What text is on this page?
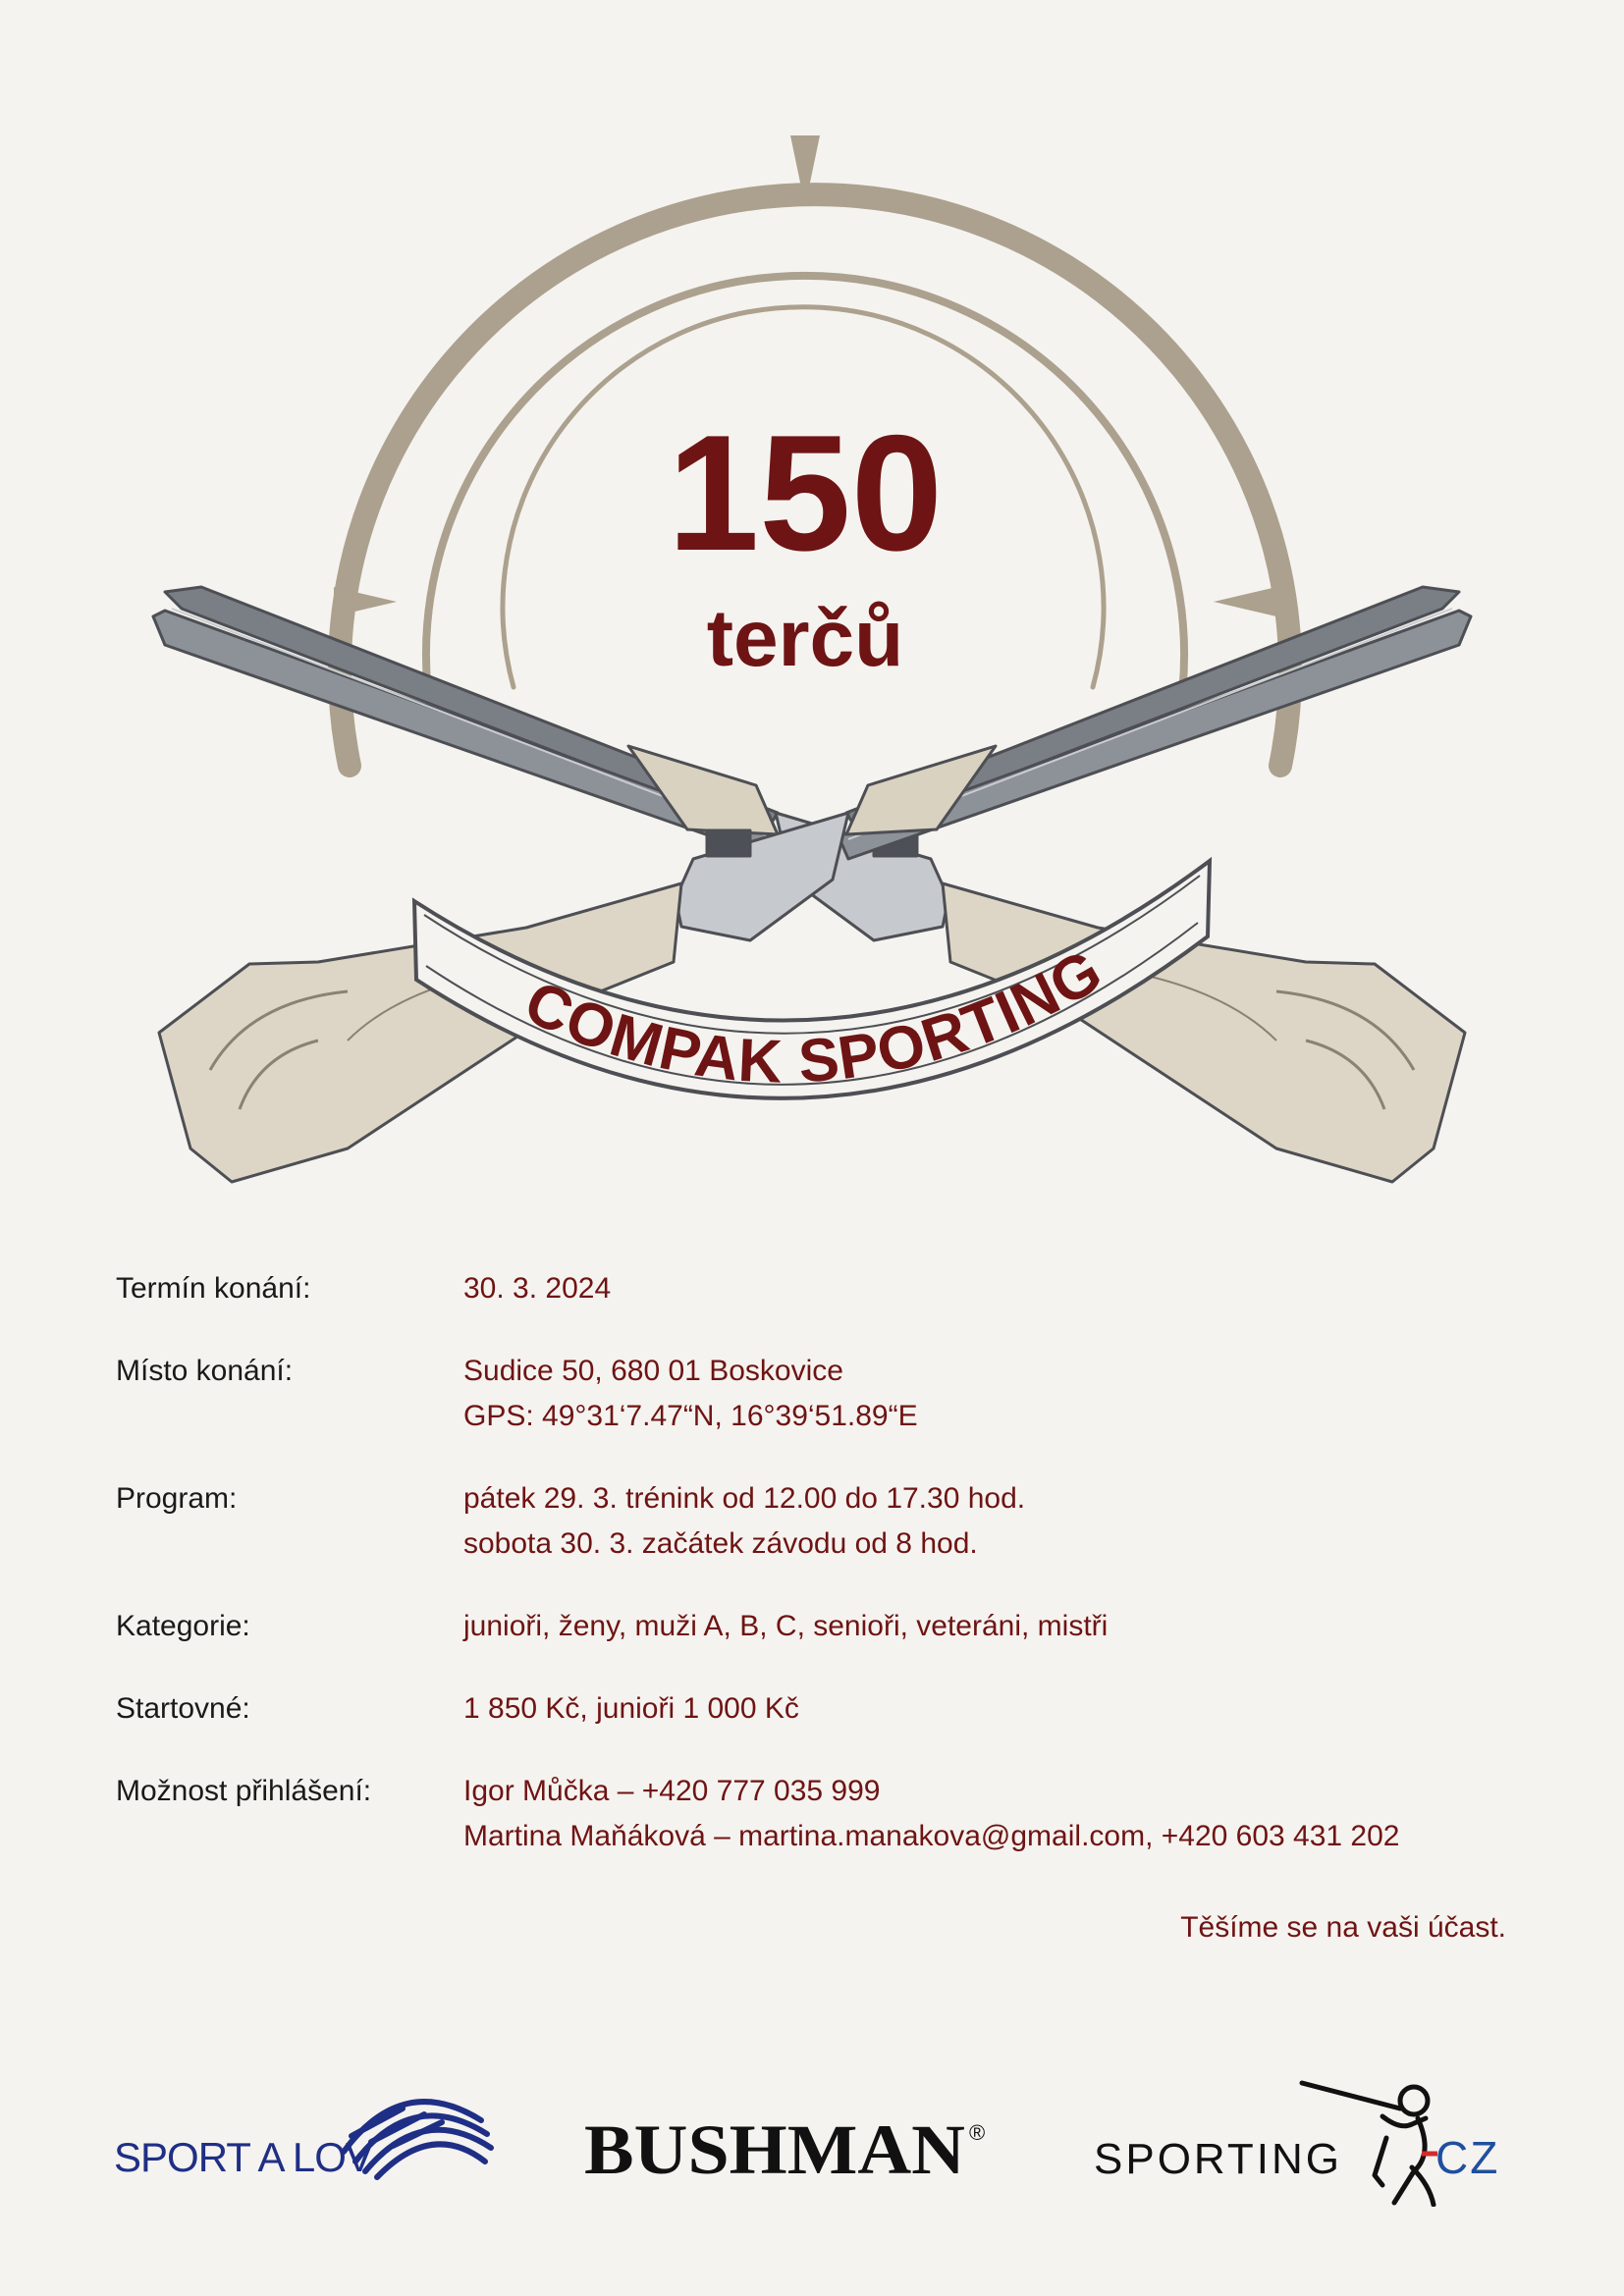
COMPAK SPORTING
150
terčů
Termín konání:	30. 3. 2024
Místo konání:	Sudice 50, 680 01 Boskovice
GPS: 49°31‘7.47“N, 16°39‘51.89“E
Program:	pátek 29. 3. trénink od 12.00 do 17.30 hod.
sobota 30. 3. začátek závodu od 8 hod.
Kategorie:	junioři, ženy, muži A, B, C, senioři, veteráni, mistři
Startovné:	1 850 Kč, junioři 1 000 Kč
Možnost přihlášení:	Igor Můčka – +420 777 035 999
Martina Maňáková – martina.manakova@gmail.com, +420 603 431 202
Těšíme se na vaši účast.
SPORT A LOV	BUSHMAN ®
SPORTING CZ
